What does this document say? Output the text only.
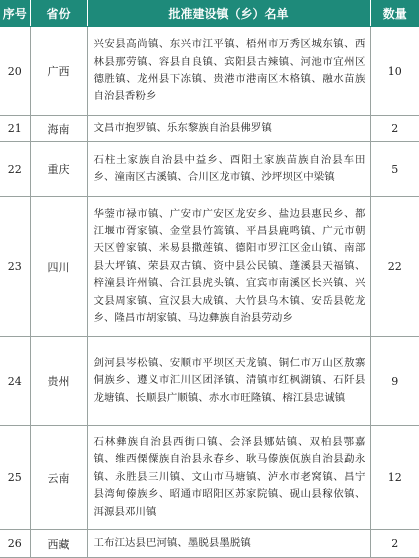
序号	省份	批准建设镇（乡）名单	数量
20	广西	兴安县高尚镇、东兴市江平镇、梧州市万秀区城东镇、西林县那劳镇、容县自良镇、宾阳县古辣镇、河池市宜州区德胜镇、龙州县下冻镇、贵港市港南区木格镇、融水苗族自治县香粉乡	10
21	海南	文昌市抱罗镇、乐东黎族自治县佛罗镇	2
22	重庆	石柱土家族自治县中益乡、酉阳土家族苗族自治县车田乡、潼南区古溪镇、合川区龙市镇、沙坪坝区中梁镇	5
23	四川	华蓥市禄市镇、广安市广安区龙安乡、盐边县惠民乡、都江堰市胥家镇、金堂县竹篙镇、平昌县鹿鸣镇、广元市朝天区曾家镇、米易县撒莲镇、德阳市罗江区金山镇、南部县大坪镇、荣县双古镇、资中县公民镇、蓬溪县天福镇、梓潼县许州镇、合江县虎头镇、宜宾市南溪区长兴镇、兴文县周家镇、宣汉县大成镇、大竹县乌木镇、安岳县乾龙乡、隆昌市胡家镇、马边彝族自治县劳动乡	22
24	贵州	剑河县岑松镇、安顺市平坝区天龙镇、铜仁市万山区敖寨侗族乡、遵义市汇川区团泽镇、清镇市红枫湖镇、石阡县龙塘镇、长顺县广顺镇、赤水市旺隆镇、榕江县忠诚镇	9
25	云南	石林彝族自治县西街口镇、会泽县娜姑镇、双柏县鄂嘉镇、维西傈僳族自治县永春乡、耿马傣族佤族自治县勐永镇、永胜县三川镇、文山市马塘镇、泸水市老窝镇、昌宁县湾甸傣族乡、昭通市昭阳区苏家院镇、砚山县稼依镇、洱源县邓川镇	12
26	西藏	工布江达县巴河镇、墨脱县墨脱镇	2
